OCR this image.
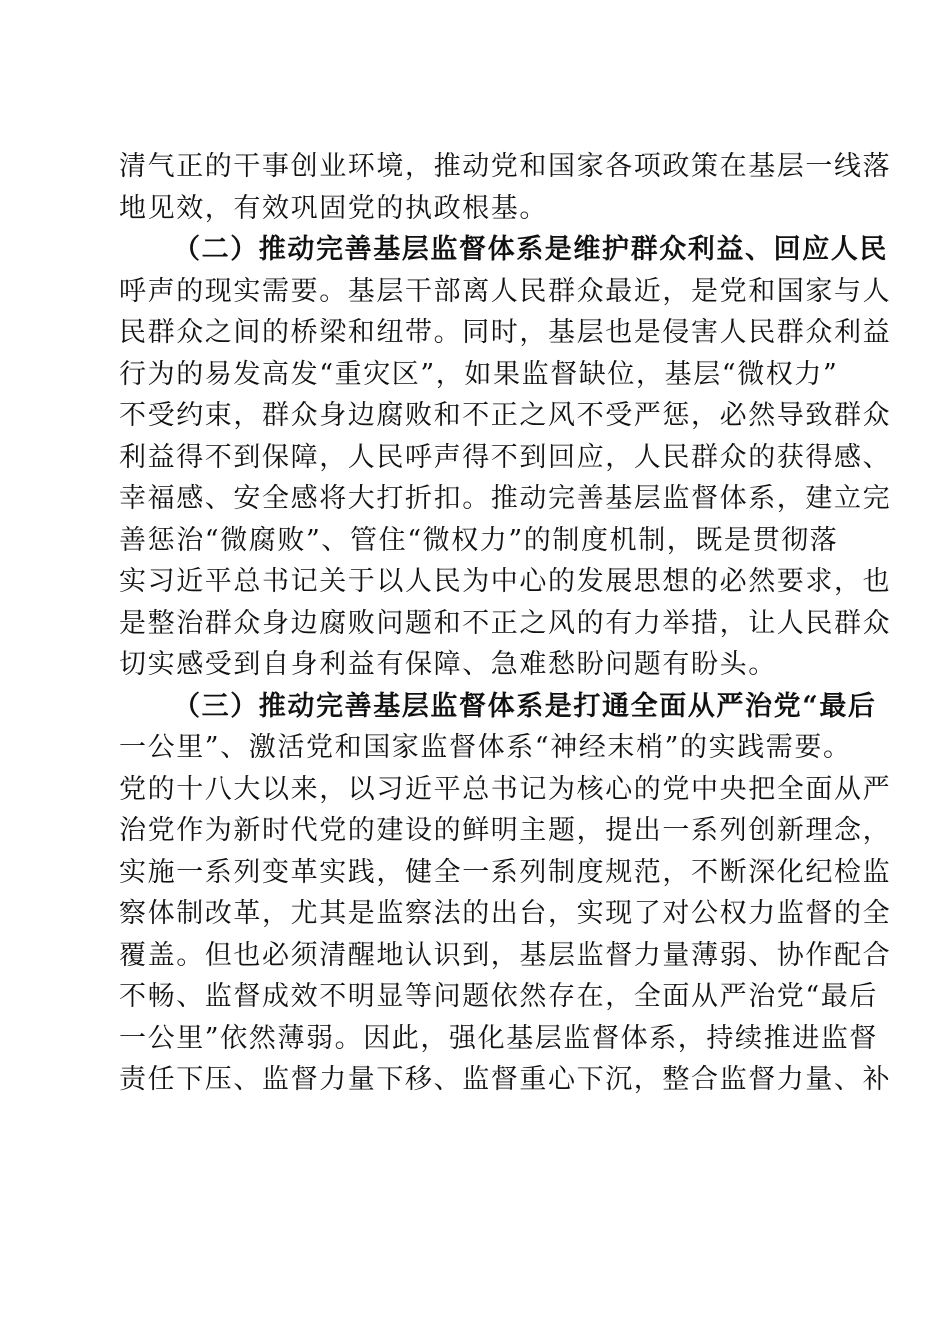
清气正的干事创业环境，推动党和国家各项政策在基层一线落
地见效，有效巩固党的执政根基。
（二）推动完善基层监督体系是维护群众利益、回应人民
呼声的现实需要。基层干部离人民群众最近，是党和国家与人
民群众之间的桥梁和纽带。同时，基层也是侵害人民群众利益
行为的易发高发“重灾区”，如果监督缺位，基层“微权力”
不受约束，群众身边腐败和不正之风不受严惩，必然导致群众
利益得不到保障，人民呼声得不到回应，人民群众的获得感、
幸福感、安全感将大打折扣。推动完善基层监督体系，建立完
善惩治“微腐败”、管住“微权力”的制度机制，既是贯彻落
实习近平总书记关于以人民为中心的发展思想的必然要求，也
是整治群众身边腐败问题和不正之风的有力举措，让人民群众
切实感受到自身利益有保障、急难愁盼问题有盼头。
（三）推动完善基层监督体系是打通全面从严治党“最后
一公里”、激活党和国家监督体系“神经末梢”的实践需要。
党的十八大以来，以习近平总书记为核心的党中央把全面从严
治党作为新时代党的建设的鲜明主题，提出一系列创新理念，
实施一系列变革实践，健全一系列制度规范，不断深化纪检监
察体制改革，尤其是监察法的出台，实现了对公权力监督的全
覆盖。但也必须清醒地认识到，基层监督力量薄弱、协作配合
不畅、监督成效不明显等问题依然存在，全面从严治党“最后
一公里”依然薄弱。因此，强化基层监督体系，持续推进监督
责任下压、监督力量下移、监督重心下沉，整合监督力量、补
